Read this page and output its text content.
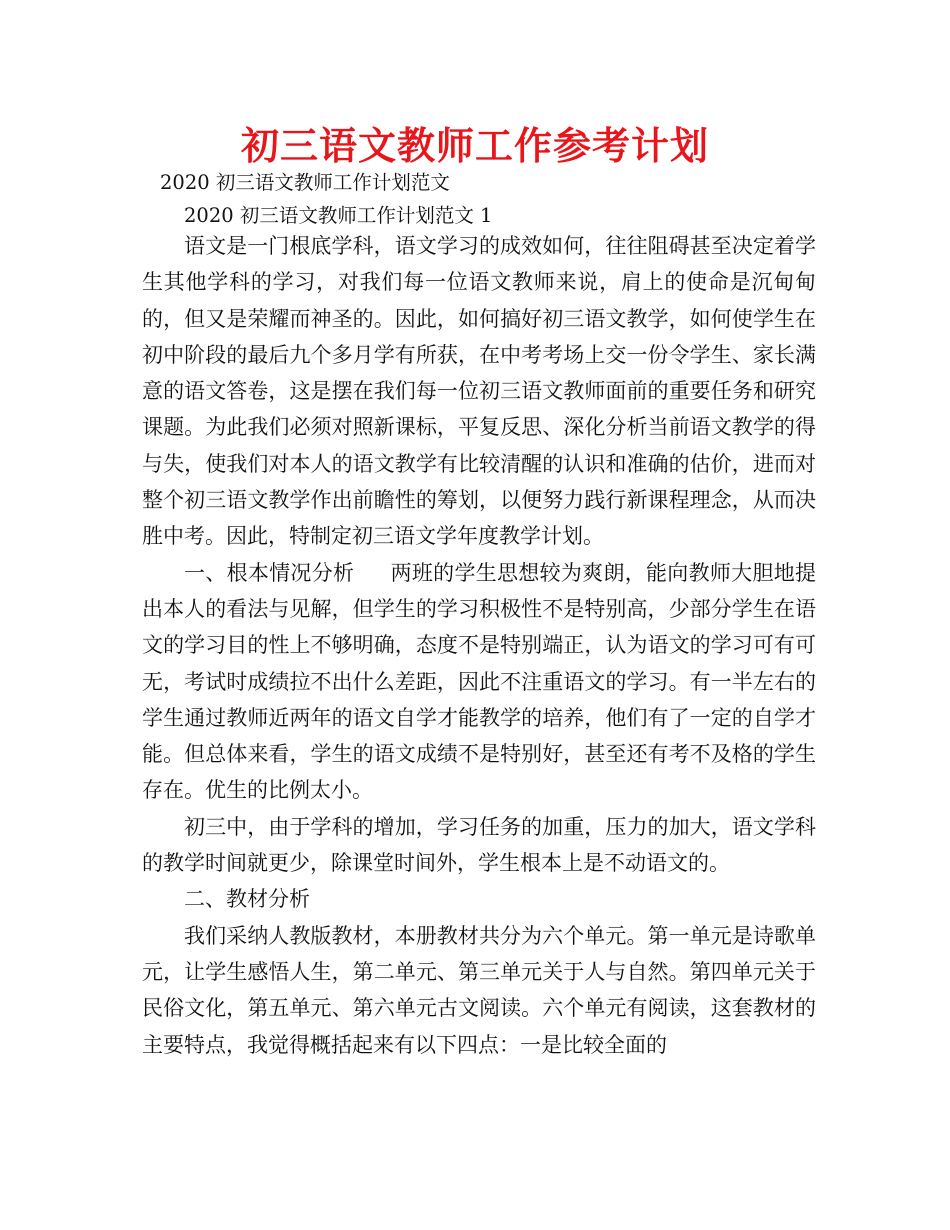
初三语文教师工作参考计划
2020 初三语文教师工作计划范文
2020 初三语文教师工作计划范文 1

语文是一门根底学科，语文学习的成效如何，往往阻碍甚至决定着学生其他学科的学习，对我们每一位语文教师来说，肩上的使命是沉甸甸的，但又是荣耀而神圣的。因此，如何搞好初三语文教学，如何使学生在初中阶段的最后九个多月学有所获，在中考考场上交一份令学生、家长满意的语文答卷，这是摆在我们每一位初三语文教师面前的重要任务和研究课题。为此我们必须对照新课标，平复反思、深化分析当前语文教学的得与失，使我们对本人的语文教学有比较清醒的认识和准确的估价，进而对整个初三语文教学作出前瞻性的筹划，以便努力践行新课程理念，从而决胜中考。因此，特制定初三语文学年度教学计划。

一、根本情况分析 两班的学生思想较为爽朗，能向教师大胆地提出本人的看法与见解，但学生的学习积极性不是特别高，少部分学生在语文的学习目的性上不够明确，态度不是特别端正，认为语文的学习可有可无，考试时成绩拉不出什么差距，因此不注重语文的学习。有一半左右的学生通过教师近两年的语文自学才能教学的培养，他们有了一定的自学才能。但总体来看，学生的语文成绩不是特别好，甚至还有考不及格的学生存在。优生的比例太小。

初三中，由于学科的增加，学习任务的加重，压力的加大，语文学科的教学时间就更少，除课堂时间外，学生根本上是不动语文的。

二、教材分析

我们采纳人教版教材，本册教材共分为六个单元。第一单元是诗歌单元，让学生感悟人生，第二单元、第三单元关于人与自然。第四单元关于民俗文化，第五单元、第六单元古文阅读。六个单元有阅读，这套教材的主要特点，我觉得概括起来有以下四点：一是比较全面的
